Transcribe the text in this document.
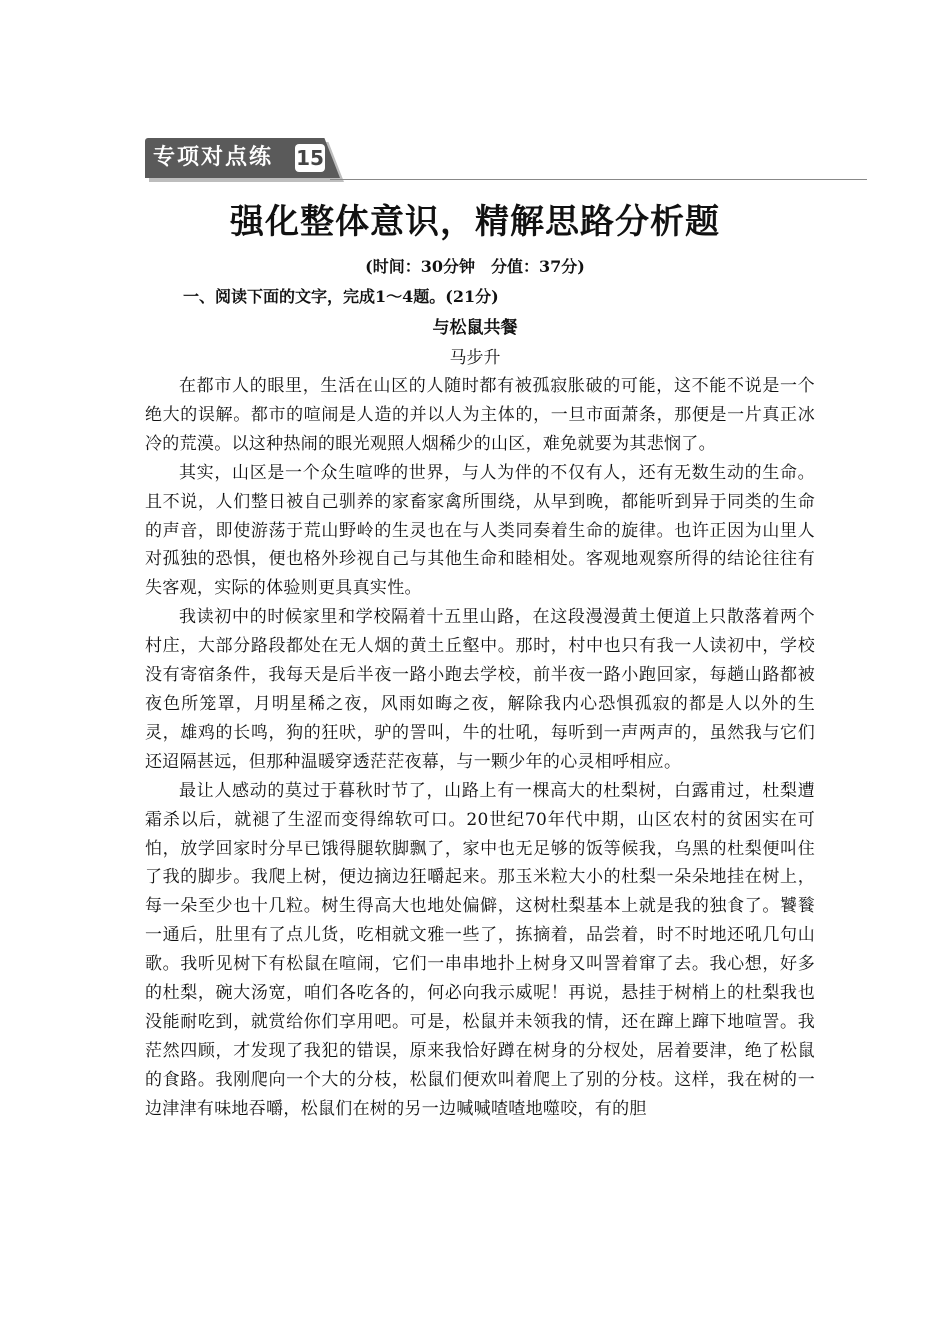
专项对点练 15
强化整体意识，精解思路分析题
(时间：30分钟　分值：37分)
一、阅读下面的文字，完成1～4题。(21分)
与松鼠共餐
马步升

在都市人的眼里，生活在山区的人随时都有被孤寂胀破的可能，这不能不说是一个绝大的误解。都市的喧闹是人造的并以人为主体的，一旦市面萧条，那便是一片真正冰冷的荒漠。以这种热闹的眼光观照人烟稀少的山区，难免就要为其悲悯了。

其实，山区是一个众生喧哗的世界，与人为伴的不仅有人，还有无数生动的生命。且不说，人们整日被自己驯养的家畜家禽所围绕，从早到晚，都能听到异于同类的生命的声音，即使游荡于荒山野岭的生灵也在与人类同奏着生命的旋律。也许正因为山里人对孤独的恐惧，便也格外珍视自己与其他生命和睦相处。客观地观察所得的结论往往有失客观，实际的体验则更具真实性。

我读初中的时候家里和学校隔着十五里山路，在这段漫漫黄土便道上只散落着两个村庄，大部分路段都处在无人烟的黄土丘壑中。那时，村中也只有我一人读初中，学校没有寄宿条件，我每天是后半夜一路小跑去学校，前半夜一路小跑回家，每趟山路都被夜色所笼罩，月明星稀之夜，风雨如晦之夜，解除我内心恐惧孤寂的都是人以外的生灵，雄鸡的长鸣，狗的狂吠，驴的詈叫，牛的壮吼，每听到一声两声的，虽然我与它们还迢隔甚远，但那种温暖穿透茫茫夜幕，与一颗少年的心灵相呼相应。

最让人感动的莫过于暮秋时节了，山路上有一棵高大的杜梨树，白露甫过，杜梨遭霜杀以后，就褪了生涩而变得绵软可口。20世纪70年代中期，山区农村的贫困实在可怕，放学回家时分早已饿得腿软脚飘了，家中也无足够的饭等候我，乌黑的杜梨便叫住了我的脚步。我爬上树，便边摘边狂嚼起来。那玉米粒大小的杜梨一朵朵地挂在树上，每一朵至少也十几粒。树生得高大也地处偏僻，这树杜梨基本上就是我的独食了。饕餮一通后，肚里有了点儿货，吃相就文雅一些了，拣摘着，品尝着，时不时地还吼几句山歌。我听见树下有松鼠在喧闹，它们一串串地扑上树身又叫詈着窜了去。我心想，好多的杜梨，碗大汤宽，咱们各吃各的，何必向我示威呢！再说，悬挂于树梢上的杜梨我也没能耐吃到，就赏给你们享用吧。可是，松鼠并未领我的情，还在蹿上蹿下地喧詈。我茫然四顾，才发现了我犯的错误，原来我恰好蹲在树身的分杈处，居着要津，绝了松鼠的食路。我刚爬向一个大的分枝，松鼠们便欢叫着爬上了别的分枝。这样，我在树的一边津津有味地吞嚼，松鼠们在树的另一边喊喊喳喳地噬咬，有的胆
